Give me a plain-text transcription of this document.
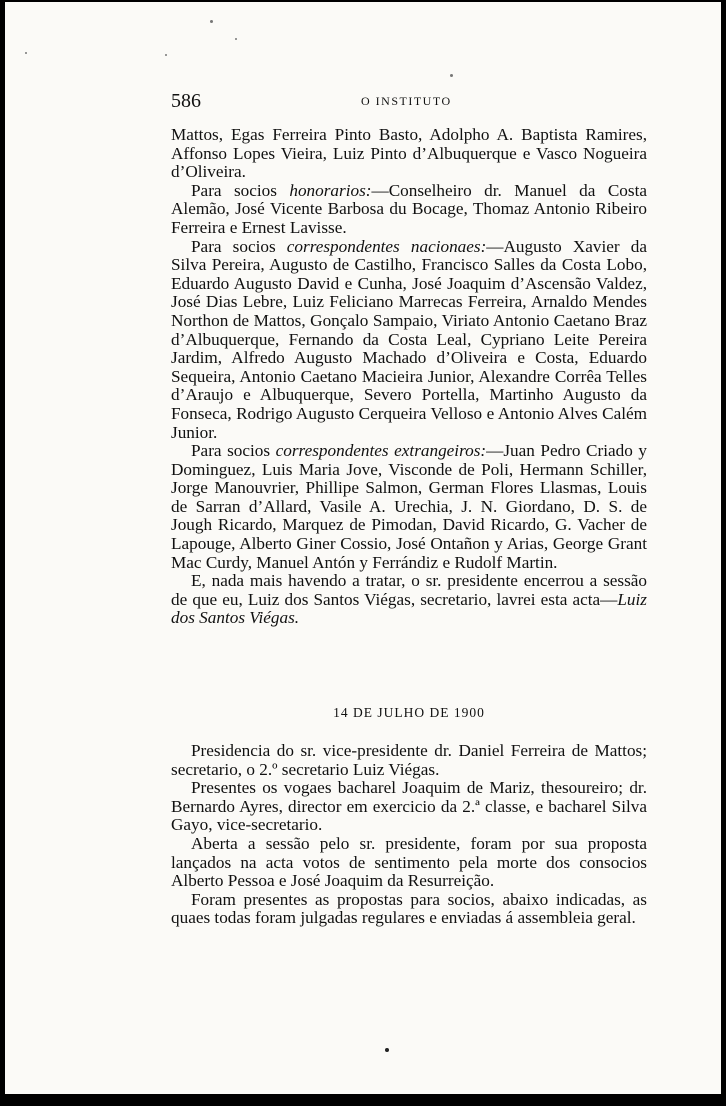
586	O INSTITUTO

Mattos, Egas Ferreira Pinto Basto, Adolpho A. Baptista Ramires, Affonso Lopes Vieira, Luiz Pinto d’Albuquerque e Vasco Nogueira d’Oliveira.

Para socios honorarios:—Conselheiro dr. Manuel da Costa Alemão, José Vicente Barbosa du Bocage, Thomaz Antonio Ribeiro Ferreira e Ernest Lavisse.

Para socios correspondentes nacionaes:—Augusto Xavier da Silva Pereira, Augusto de Castilho, Francisco Salles da Costa Lobo, Eduardo Augusto David e Cunha, José Joaquim d’Ascensão Valdez, José Dias Lebre, Luiz Feliciano Marrecas Ferreira, Arnaldo Mendes Northon de Mattos, Gonçalo Sampaio, Viriato Antonio Caetano Braz d’Albuquerque, Fernando da Costa Leal, Cypriano Leite Pereira Jardim, Alfredo Augusto Machado d’Oliveira e Costa, Eduardo Sequeira, Antonio Caetano Macieira Junior, Alexandre Corrêa Telles d’Araujo e Albuquerque, Severo Portella, Martinho Augusto da Fonseca, Rodrigo Augusto Cerqueira Velloso e Antonio Alves Calém Junior.

Para socios correspondentes extrangeiros:—Juan Pedro Criado y Dominguez, Luis Maria Jove, Visconde de Poli, Hermann Schiller, Jorge Manouvrier, Phillipe Salmon, German Flores Llasmas, Louis de Sarran d’Allard, Vasile A. Urechia, J. N. Giordano, D. S. de Jough Ricardo, Marquez de Pimodan, David Ricardo, G. Vacher de Lapouge, Alberto Giner Cossio, José Ontañon y Arias, George Grant Mac Curdy, Manuel Antón y Ferrándiz e Rudolf Martin.

E, nada mais havendo a tratar, o sr. presidente encerrou a sessão de que eu, Luiz dos Santos Viégas, secretario, lavrei esta acta—Luiz dos Santos Viégas.

14 DE JULHO DE 1900

Presidencia do sr. vice-presidente dr. Daniel Ferreira de Mattos; secretario, o 2.º secretario Luiz Viégas.

Presentes os vogaes bacharel Joaquim de Mariz, thesoureiro; dr. Bernardo Ayres, director em exercicio da 2.ª classe, e bacharel Silva Gayo, vice-secretario.

Aberta a sessão pelo sr. presidente, foram por sua proposta lançados na acta votos de sentimento pela morte dos consocios Alberto Pessoa e José Joaquim da Resurreição.

Foram presentes as propostas para socios, abaixo indicadas, as quaes todas foram julgadas regulares e enviadas á assembleia geral.
